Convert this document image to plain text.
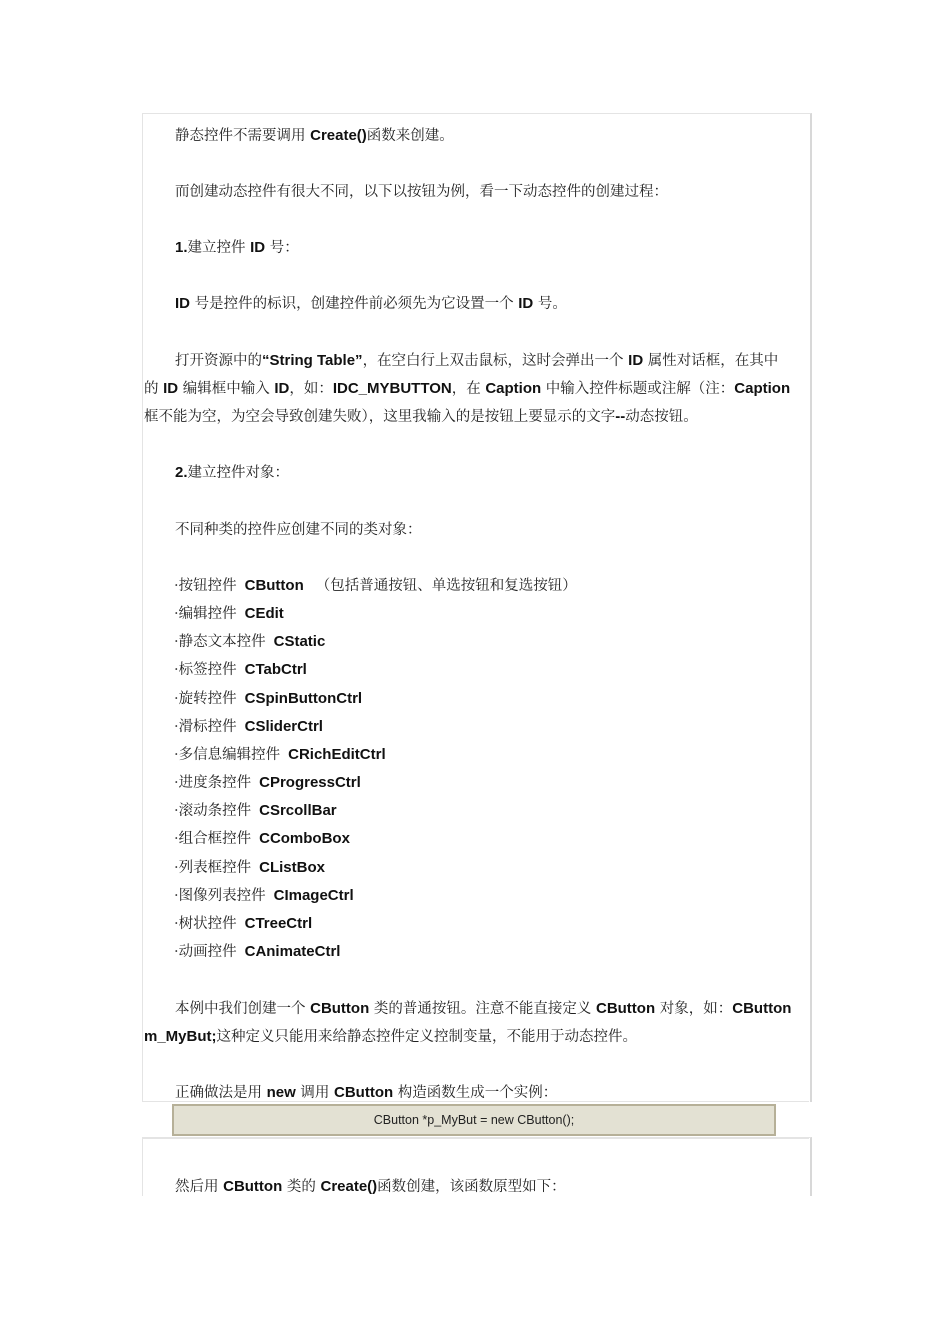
静态控件不需要调用 Create()函数来创建。
而创建动态控件有很大不同，以下以按钮为例，看一下动态控件的创建过程：
1.建立控件 ID 号：
ID 号是控件的标识，创建控件前必须先为它设置一个 ID 号。
打开资源中的“String Table”，在空白行上双击鼠标，这时会弹出一个 ID 属性对话框，在其中
的 ID 编辑框中输入 ID，如：IDC_MYBUTTON，在 Caption 中输入控件标题或注解（注：Caption
框不能为空，为空会导致创建失败），这里我输入的是按钮上要显示的文字--动态按钮。
2.建立控件对象：
不同种类的控件应创建不同的类对象：
·按钮控件 CButton （包括普通按钮、单选按钮和复选按钮）
·编辑控件 CEdit
·静态文本控件 CStatic
·标签控件 CTabCtrl
·旋转控件 CSpinButtonCtrl
·滑标控件 CSliderCtrl
·多信息编辑控件 CRichEditCtrl
·进度条控件 CProgressCtrl
·滚动条控件 CSrcollBar
·组合框控件 CComboBox
·列表框控件 CListBox
·图像列表控件 CImageCtrl
·树状控件 CTreeCtrl
·动画控件 CAnimateCtrl
本例中我们创建一个 CButton 类的普通按钮。注意不能直接定义 CButton 对象，如：CButton
m_MyBut;这种定义只能用来给静态控件定义控制变量，不能用于动态控件。
正确做法是用 new 调用 CButton 构造函数生成一个实例：
CButton *p_MyBut = new CButton();
然后用 CButton 类的 Create()函数创建，该函数原型如下：
